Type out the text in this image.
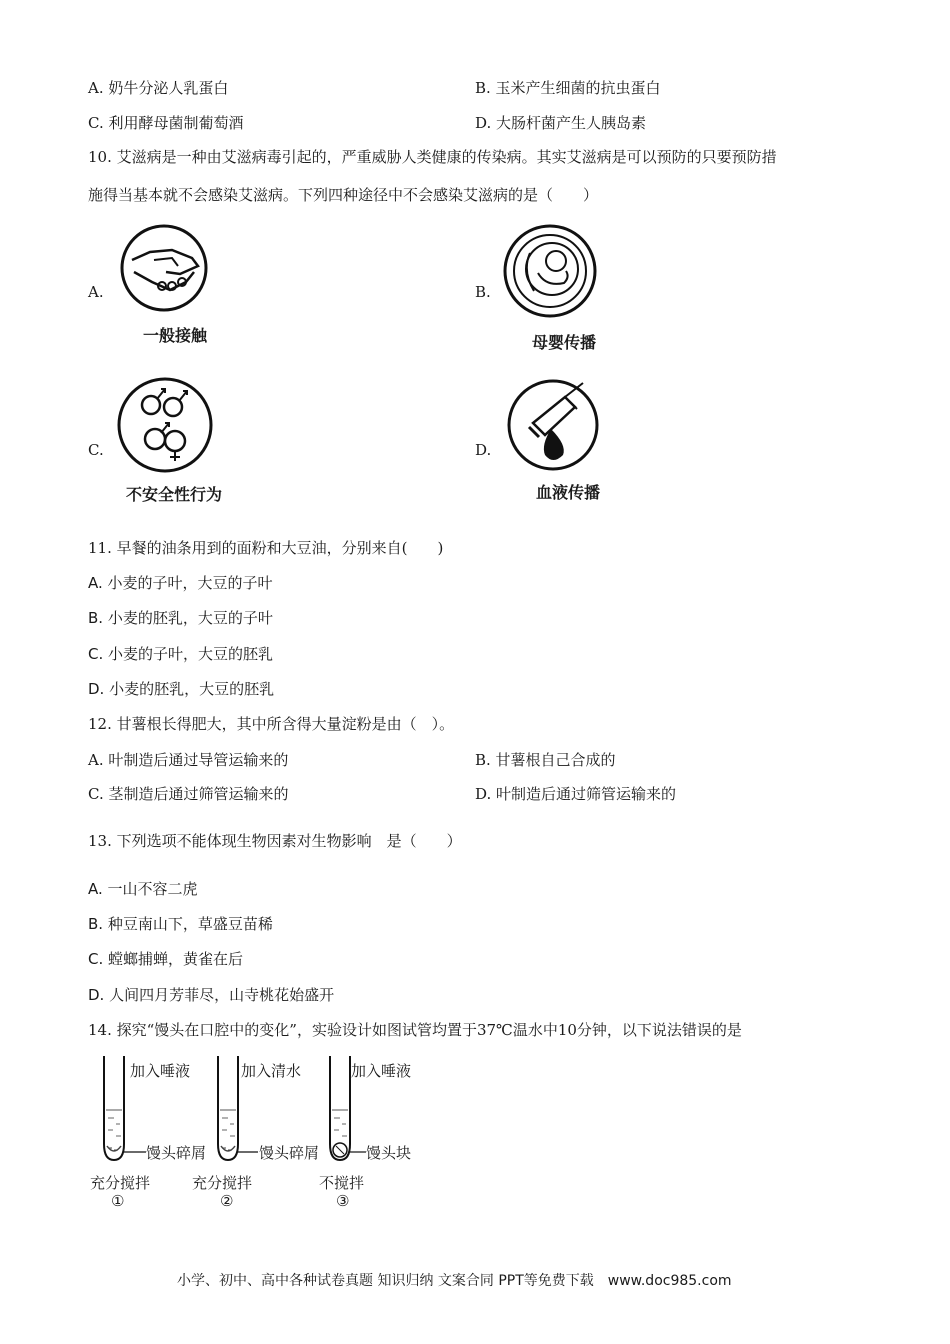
A. 奶牛分泌人乳蛋白	B. 玉米产生细菌的抗虫蛋白
C. 利用酵母菌制葡萄酒	D. 大肠杆菌产生人胰岛素
10. 艾滋病是一种由艾滋病毒引起的，严重威胁人类健康的传染病。其实艾滋病是可以预防的只要预防措
施得当基本就不会感染艾滋病。下列四种途径中不会感染艾滋病的是（　　）
A.
一般接触
B.
母婴传播
C.
不安全性行为
D.
血液传播
11. 早餐的油条用到的面粉和大豆油，分别来自(　　)
A. 小麦的子叶，大豆的子叶
B. 小麦的胚乳，大豆的子叶
C. 小麦的子叶，大豆的胚乳
D. 小麦的胚乳，大豆的胚乳
12. 甘薯根长得肥大，其中所含得大量淀粉是由（　）。
A. 叶制造后通过导管运输来的	B. 甘薯根自己合成的
C. 茎制造后通过筛管运输来的	D. 叶制造后通过筛管运输来的
13. 下列选项不能体现生物因素对生物影响　是（　　）
A. 一山不容二虎
B. 种豆南山下，草盛豆苗稀
C. 螳螂捕蝉，黄雀在后
D. 人间四月芳菲尽，山寺桃花始盛开
14. 探究“馒头在口腔中的变化”，实验设计如图试管均置于37℃温水中10分钟，以下说法错误的是
加入唾液
馒头碎屑
充分搅拌
①
加入清水
馒头碎屑
充分搅拌
②
加入唾液
馒头块
不搅拌
③
小学、初中、高中各种试卷真题 知识归纳 文案合同 PPT等免费下载　www.doc985.com
